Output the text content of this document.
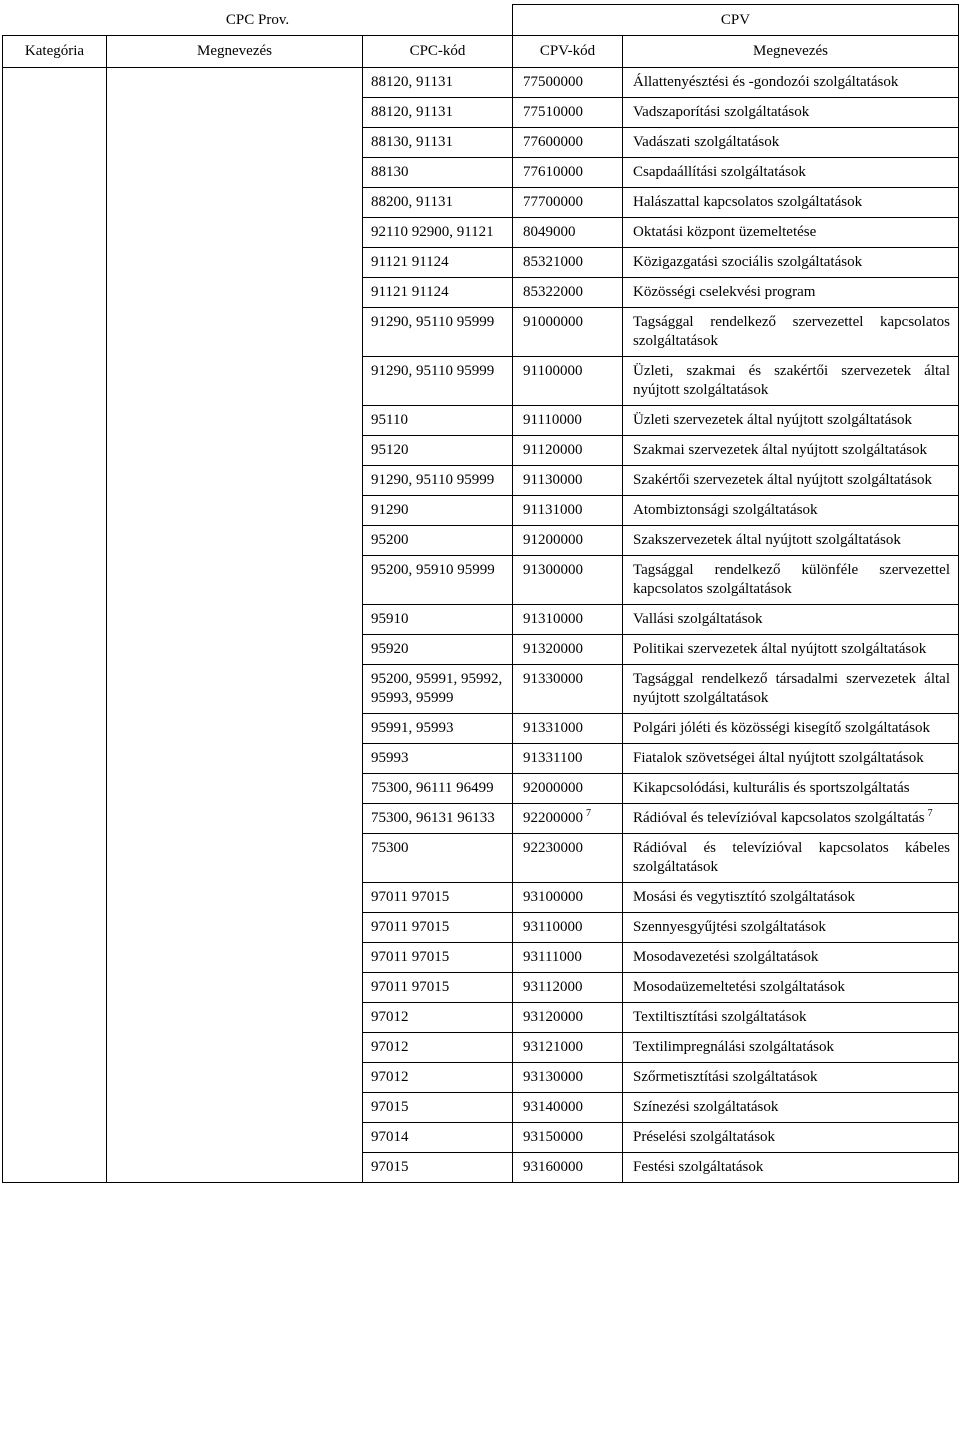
CPC Prov.			CPV	
Kategória	Megnevezés	CPC-kód	CPV-kód	Megnevezés
		88120, 91131	77500000	Állattenyésztési és -gondozói szolgáltatások
		88120, 91131	77510000	Vadszaporítási szolgáltatások
		88130, 91131	77600000	Vadászati szolgáltatások
		88130	77610000	Csapdaállítási szolgáltatások
		88200, 91131	77700000	Halászattal kapcsolatos szolgáltatások
		92110 92900, 91121	8049000	Oktatási központ üzemeltetése
		91121 91124	85321000	Közigazgatási szociális szolgáltatások
		91121 91124	85322000	Közösségi cselekvési program
		91290, 95110 95999	91000000	Tagsággal rendelkező szervezettel kapcsolatos szolgáltatások
		91290, 95110 95999	91100000	Üzleti, szakmai és szakértői szervezetek által nyújtott szolgáltatások
		95110	91110000	Üzleti szervezetek által nyújtott szolgáltatások
		95120	91120000	Szakmai szervezetek által nyújtott szolgáltatások
		91290, 95110 95999	91130000	Szakértői szervezetek által nyújtott szolgáltatások
		91290	91131000	Atombiztonsági szolgáltatások
		95200	91200000	Szakszervezetek által nyújtott szolgáltatások
		95200, 95910 95999	91300000	Tagsággal rendelkező különféle szervezettel kapcsolatos szolgáltatások
		95910	91310000	Vallási szolgáltatások
		95920	91320000	Politikai szervezetek által nyújtott szolgáltatások
		95200, 95991, 95992, 95993, 95999	91330000	Tagsággal rendelkező társadalmi szervezetek által nyújtott szolgáltatások
		95991, 95993	91331000	Polgári jóléti és közösségi kisegítő szolgáltatások
		95993	91331100	Fiatalok szövetségei által nyújtott szolgáltatások
		75300, 96111 96499	92000000	Kikapcsolódási, kulturális és sportszolgáltatás
		75300, 96131 96133	92200000 $^7$	Rádióval és televízióval kapcsolatos szolgáltatás $^7$
		75300	92230000	Rádióval és televízióval kapcsolatos kábeles szolgáltatások
		97011 97015	93100000	Mosási és vegytisztító szolgáltatások
		97011 97015	93110000	Szennyesgyűjtési szolgáltatások
		97011 97015	93111000	Mosodavezetési szolgáltatások
		97011 97015	93112000	Mosodaüzemeltetési szolgáltatások
		97012	93120000	Textiltisztítási szolgáltatások
		97012	93121000	Textilimpregnálási szolgáltatások
		97012	93130000	Szőrmetisztítási szolgáltatások
		97015	93140000	Színezési szolgáltatások
		97014	93150000	Préselési szolgáltatások
		97015	93160000	Festési szolgáltatások
